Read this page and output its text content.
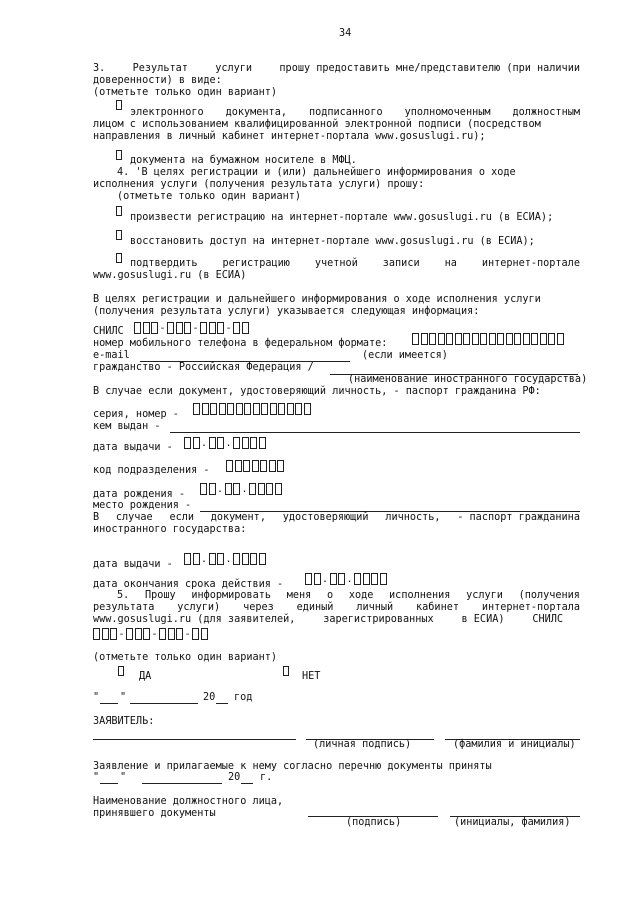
34
3.	Результат	услуги	прошу предоставить мне/представителю (при наличии
доверенности) в виде:
(отметьте только один вариант)
электронного документа, подписанного уполномоченным должностным
лицом с использованием квалифицированной электронной подписи (посредством
направления в личный кабинет интернет-портала www.gosuslugi.ru);
документа на бумажном носителе в МФЦ.
4. 'В целях регистрации и (или) дальнейшего информирования о ходе
исполнения услуги (получения результата услуги) прошу:
(отметьте только один вариант)
произвести регистрацию на интернет-портале www.gosuslugi.ru (в ЕСИА);
восстановить доступ на интернет-портале www.gosuslugi.ru (в ЕСИА);
подтвердить регистрацию учетной записи на интернет-портале
www.gosuslugi.ru (в ЕСИА)
В целях регистрации и дальнейшего информирования о ходе исполнения услуги
(получения результата услуги) указывается следующая информация:
СНИЛС	-	-	-
номер мобильного телефона в федеральном формате:
e-mail	(если имеется)
гражданство - Российская Федерация /
(наименование иностранного государства)
В случае если документ, удостоверяющий личность, - паспорт гражданина РФ:
серия, номер -
кем выдан -
дата выдачи -	. .
код подразделения -
дата рождения -	. .
место рождения -
В случае если документ, удостоверяющий личность, - паспорт гражданина
иностранного государства:
дата выдачи -	. .
дата окончания срока действия -	. .
5. Прошу информировать меня о ходе исполнения услуги (получения
результата услуги) через единый личный кабинет интернет-портала
www.gosuslugi.ru (для заявителей,	зарегистрированных	в ЕСИА)	СНИЛС
-	-	-
(отметьте только один вариант)
ДА	НЕТ
" "	20 год
ЗАЯВИТЕЛЬ:
(личная подпись)	(фамилия и инициалы)
Заявление и прилагаемые к нему согласно перечню документы приняты
" "	20 г.
Наименование должностного лица,
принявшего документы
(подпись)	(инициалы, фамилия)
